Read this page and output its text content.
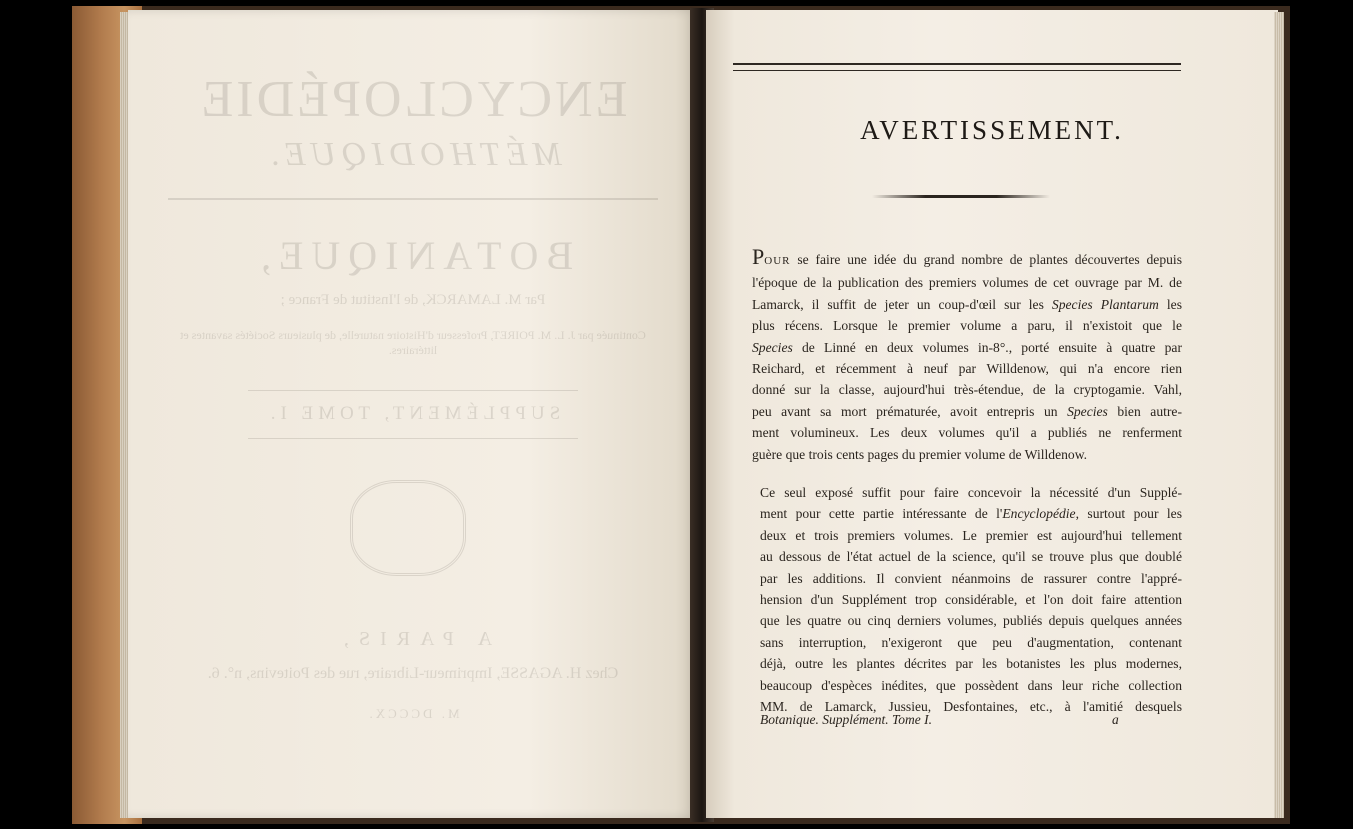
ENCYCLOPÉDIE
MÉTHODIQUE.
BOTANIQUE,
Par M. LAMARCK, de l'Institut de France ;
Continuée par J. L. M. POIRET, Professeur d'Histoire naturelle, de plusieurs Sociétés savantes et littéraires.
SUPPLÉMENT, TOME I.
A PARIS,
Chez H. AGASSE, Imprimeur-Libraire, rue des Poitevins, n°. 6.
M. DCCCX.
AVERTISSEMENT.
POUR se faire une idée du grand nombre de plantes découvertes depuis
l'époque de la publication des premiers volumes de cet ouvrage par M. de
Lamarck, il suffit de jeter un coup-d'œil sur les Species Plantarum les
plus récens. Lorsque le premier volume a paru, il n'existoit que le
Species de Linné en deux volumes in-8°., porté ensuite à quatre par
Reichard, et récemment à neuf par Willdenow, qui n'a encore rien
donné sur la classe, aujourd'hui très-étendue, de la cryptogamie. Vahl,
peu avant sa mort prématurée, avoit entrepris un Species bien autre-
ment volumineux. Les deux volumes qu'il a publiés ne renferment
guère que trois cents pages du premier volume de Willdenow.
Ce seul exposé suffit pour faire concevoir la nécessité d'un Supplé-
ment pour cette partie intéressante de l'Encyclopédie, surtout pour les
deux et trois premiers volumes. Le premier est aujourd'hui tellement
au dessous de l'état actuel de la science, qu'il se trouve plus que doublé
par les additions. Il convient néanmoins de rassurer contre l'appré-
hension d'un Supplément trop considérable, et l'on doit faire attention
que les quatre ou cinq derniers volumes, publiés depuis quelques années
sans interruption, n'exigeront que peu d'augmentation, contenant
déjà, outre les plantes décrites par les botanistes les plus modernes,
beaucoup d'espèces inédites, que possèdent dans leur riche collection
MM. de Lamarck, Jussieu, Desfontaines, etc., à l'amitié desquels
Botanique. Supplément. Tome I.	a
